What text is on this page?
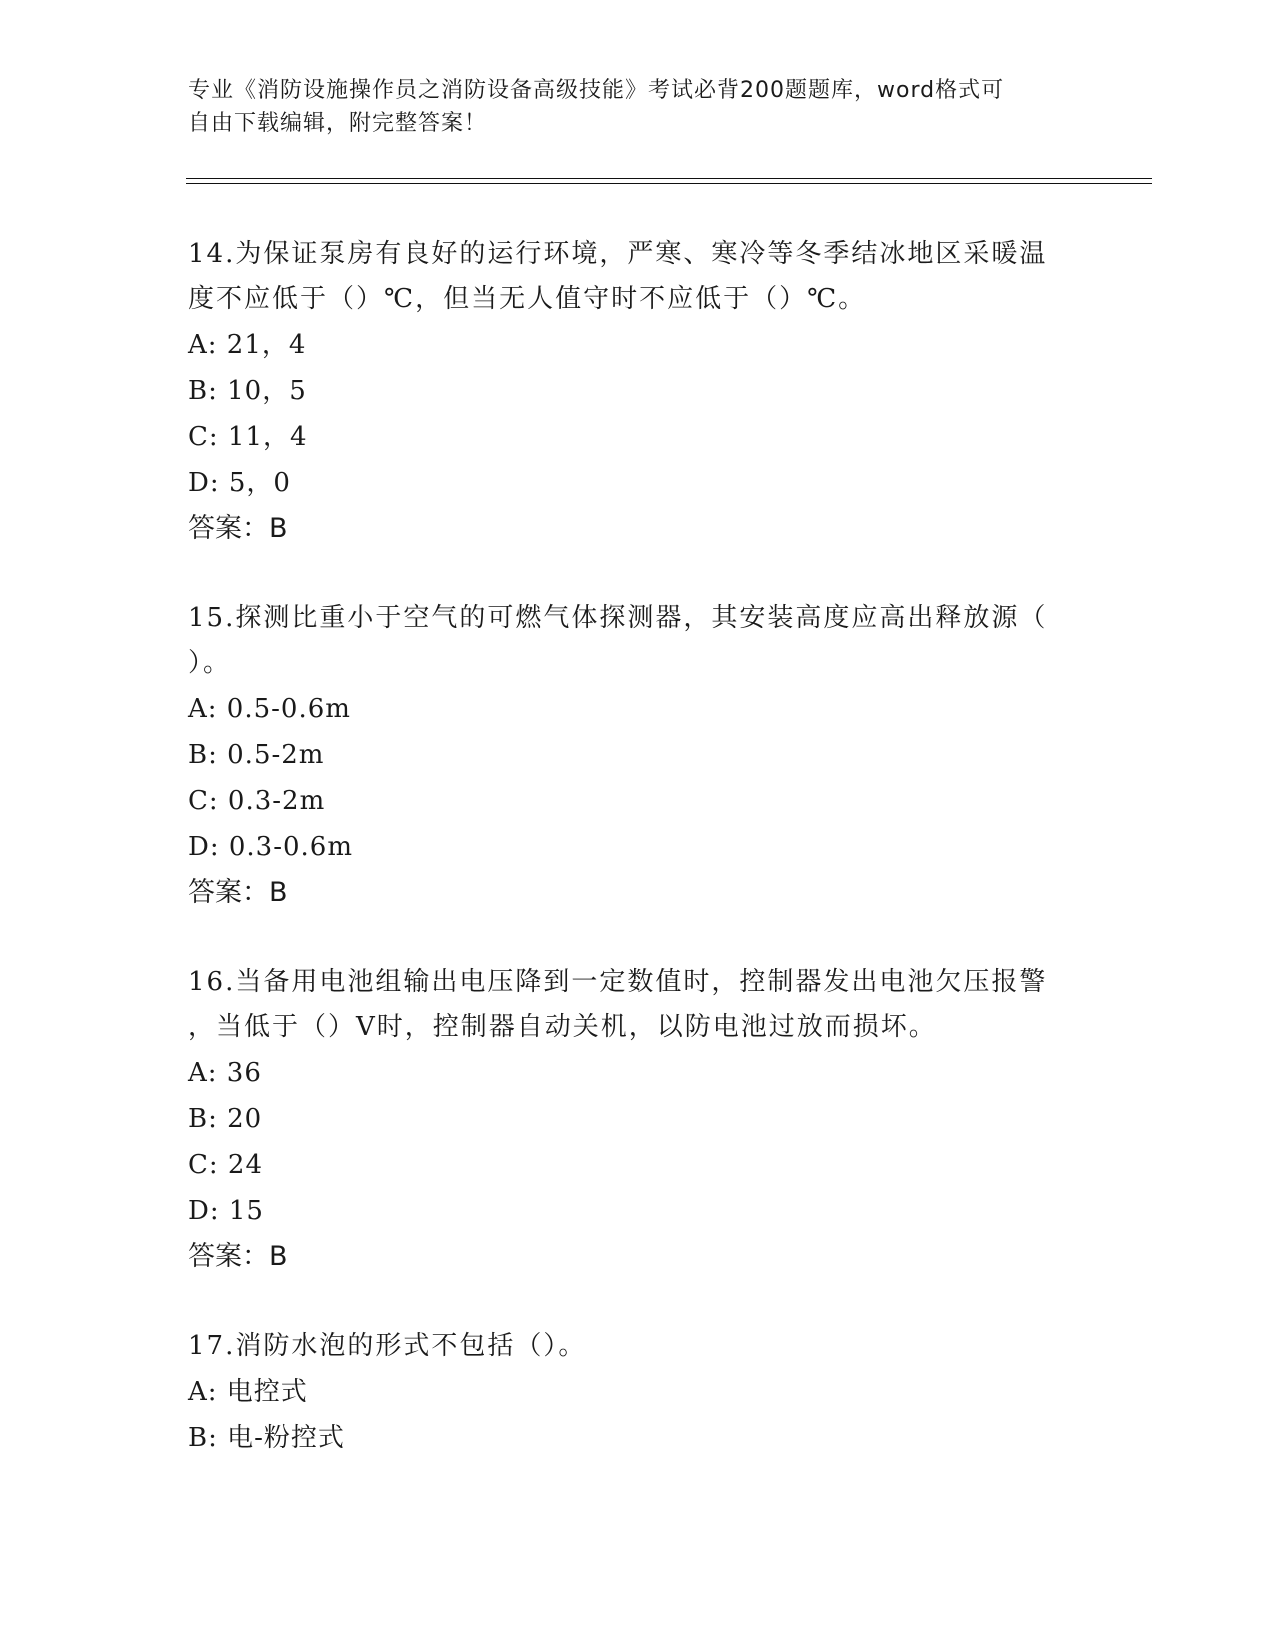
专业《消防设施操作员之消防设备高级技能》考试必背200题题库，word格式可
自由下载编辑，附完整答案！
14.为保证泵房有良好的运行环境，严寒、寒冷等冬季结冰地区采暖温
度不应低于（）℃，但当无人值守时不应低于（）℃。
A: 21，4
B: 10，5
C: 11，4
D: 5，0
答案：B
15.探测比重小于空气的可燃气体探测器，其安装高度应高出释放源（
）。
A: 0.5-0.6m
B: 0.5-2m
C: 0.3-2m
D: 0.3-0.6m
答案：B
16.当备用电池组输出电压降到一定数值时，控制器发出电池欠压报警
，当低于（）V时，控制器自动关机，以防电池过放而损坏。
A: 36
B: 20
C: 24
D: 15
答案：B
17.消防水泡的形式不包括（）。
A: 电控式
B: 电-粉控式
